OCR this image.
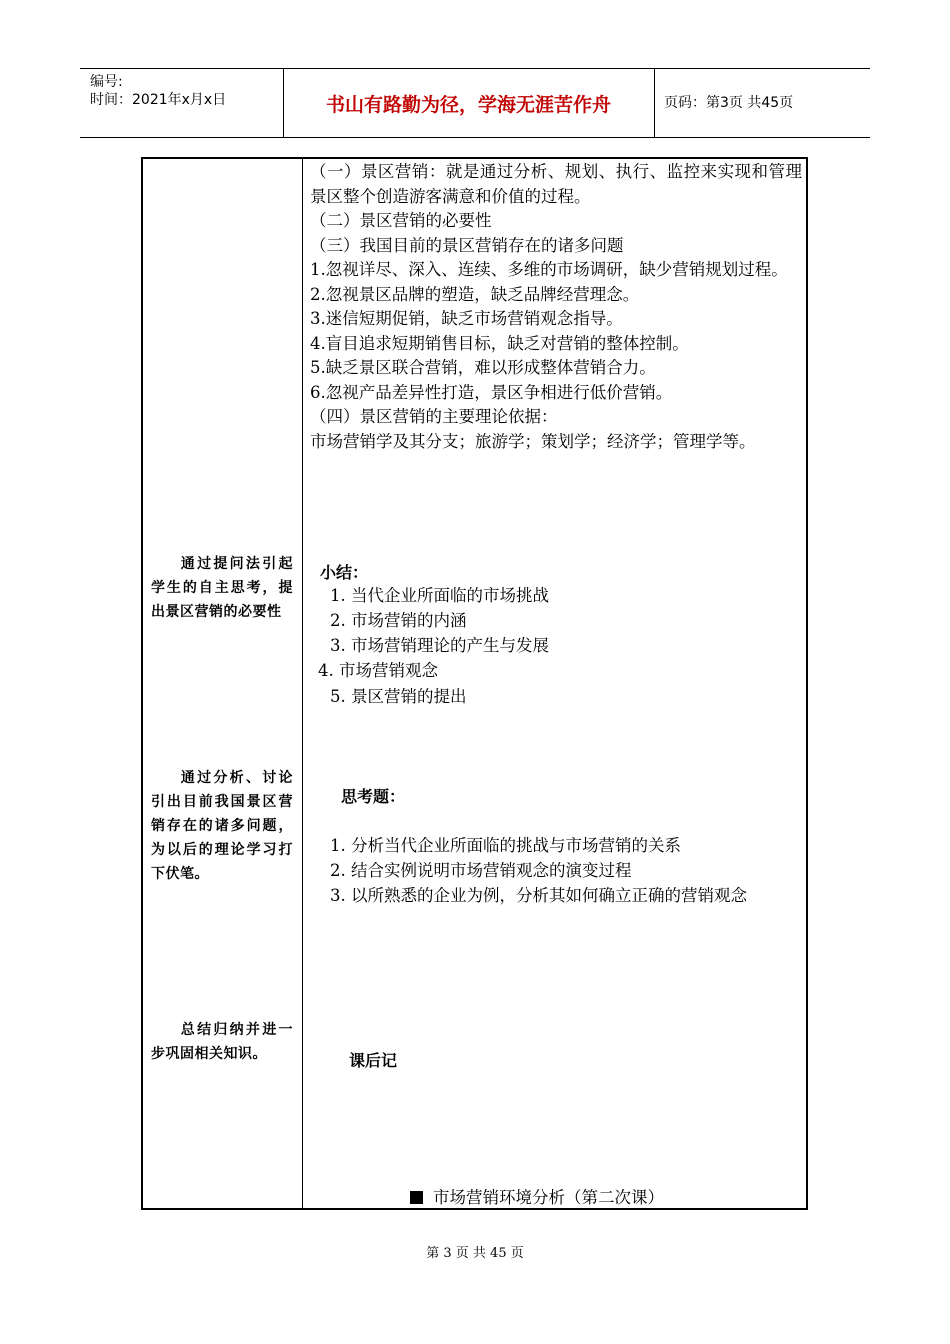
编号:
时间：2021年x月x日	书山有路勤为径，学海无涯苦作舟	页码：第3页 共45页

（一）景区营销：就是通过分析、规划、执行、监控来实现和管理景区整个创造游客满意和价值的过程。

（二）景区营销的必要性

（三）我国目前的景区营销存在的诸多问题

1.忽视详尽、深入、连续、多维的市场调研，缺少营销规划过程。

2.忽视景区品牌的塑造，缺乏品牌经营理念。

3.迷信短期促销，缺乏市场营销观念指导。

4.盲目追求短期销售目标，缺乏对营销的整体控制。

5.缺乏景区联合营销，难以形成整体营销合力。

6.忽视产品差异性打造，景区争相进行低价营销。

（四）景区营销的主要理论依据：

市场营销学及其分支；旅游学；策划学；经济学；管理学等。

小结：
1. 当代企业所面临的市场挑战
2. 市场营销的内涵
3. 市场营销理论的产生与发展
4. 市场营销观念
5. 景区营销的提出
思考题：
1. 分析当代企业所面临的挑战与市场营销的关系
2. 结合实例说明市场营销观念的演变过程
3. 以所熟悉的企业为例，分析其如何确立正确的营销观念
课后记
市场营销环境分析（第二次课）
通过提问法引起学生的自主思考，提出景区营销的必要性
通过分析、讨论引出目前我国景区营销存在的诸多问题，为以后的理论学习打下伏笔。
总结归纳并进一步巩固相关知识。
第 3 页 共 45 页
